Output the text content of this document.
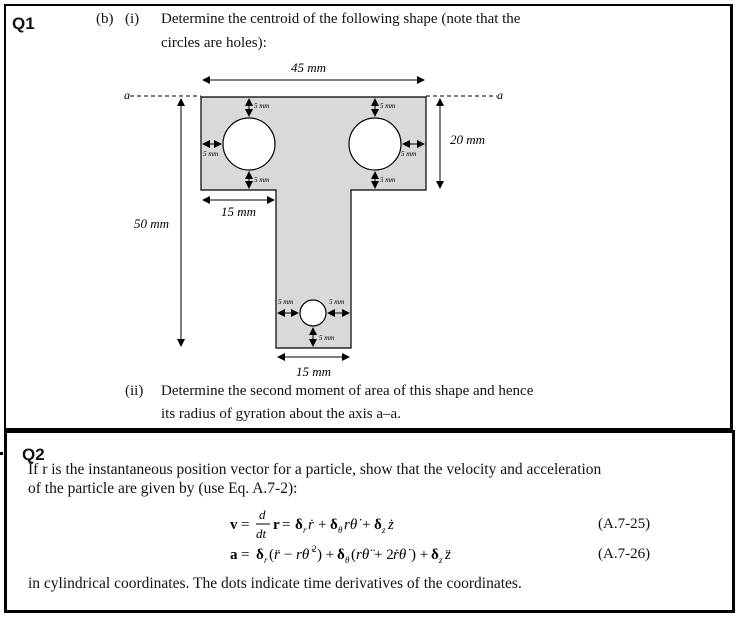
Q1	(b) (i) Determine the centroid of the following shape (note that the
circles are holes):
a	a
45 mm
50 mm
20 mm
15 mm
15 mm
5 mm
5 mm
5 mm
5 mm
5 mm
5 mm
5 mm	5 mm
5 mm
(ii) Determine the second moment of area of this shape and hence
its radius of gyration about the axis a–a.
Q2
If r is the instantaneous position vector for a particle, show that the velocity and acceleration
of the particle are given by (use Eq. A.7-2):
v =
d
dt
r = δ r ṙ + δ θ rθ̇ + δ z ż
a = δ r ( r̈ − rθ̇ 2 ) + δ θ ( rθ̈ + 2 ṙθ̇ ) + δ z z̈
(A.7-25)
(A.7-26)
in cylindrical coordinates. The dots indicate time derivatives of the coordinates.
